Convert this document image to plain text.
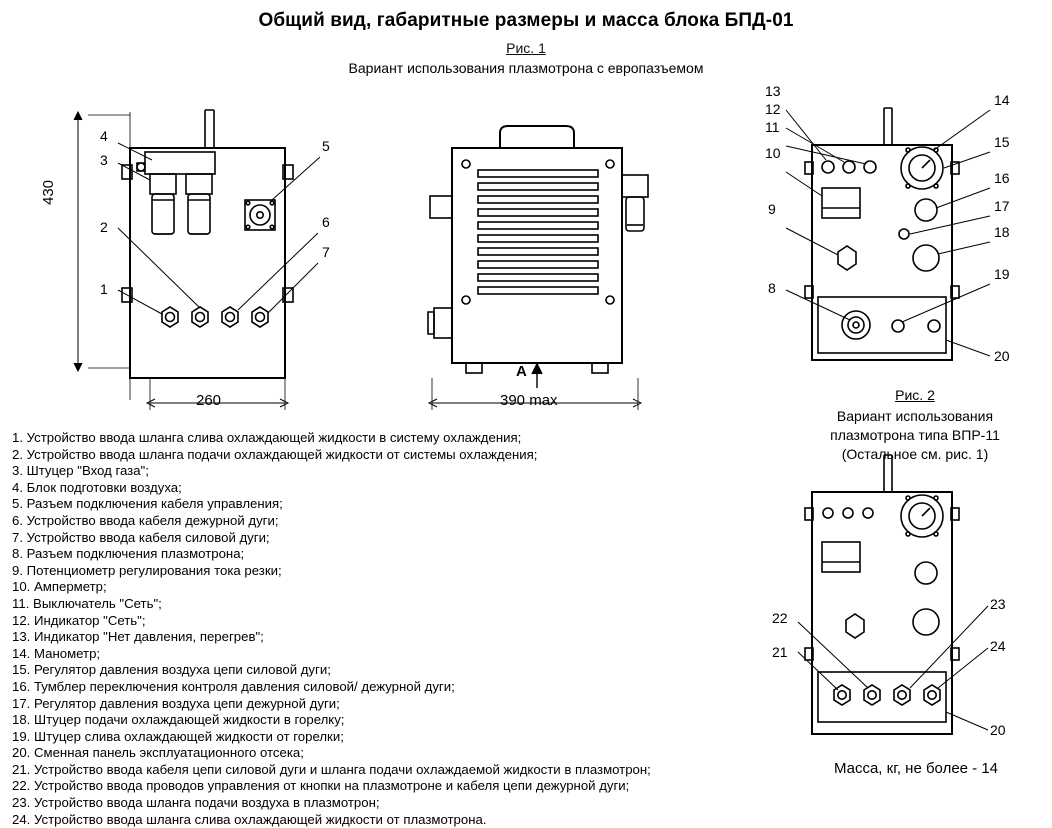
Общий вид, габаритные размеры и масса блока БПД-01
Рис. 1
Вариант использования плазмотрона с европазъемом
430
260	390 max
A
1
2
3
4
5
6
7
13
12
11
10
9
8
14
15
16
17
18
19
20
Рис. 2
Вариант использования
плазмотрона типа ВПР-11
(Остальное см. рис. 1)
22
21
23
24
20
Масса, кг, не более - 14
1. Устройство ввода шланга слива охлаждающей жидкости в систему охлаждения;
2. Устройство ввода шланга подачи охлаждающей жидкости от системы охлаждения;
3. Штуцер "Вход газа";
4. Блок подготовки воздуха;
5. Разъем подключения кабеля управления;
6. Устройство ввода кабеля дежурной дуги;
7. Устройство ввода кабеля силовой дуги;
8. Разъем подключения плазмотрона;
9. Потенциометр регулирования тока резки;
10. Амперметр;
11. Выключатель "Сеть";
12. Индикатор "Сеть";
13. Индикатор "Нет давления, перегрев";
14. Манометр;
15. Регулятор давления воздуха цепи силовой дуги;
16. Тумблер переключения контроля давления силовой/ дежурной дуги;
17. Регулятор давления воздуха цепи дежурной дуги;
18. Штуцер подачи охлаждающей жидкости в горелку;
19. Штуцер слива охлаждающей жидкости от горелки;
20. Сменная панель эксплуатационного отсека;
21. Устройство ввода кабеля цепи силовой дуги и шланга подачи охлаждаемой жидкости в плазмотрон;
22. Устройство ввода проводов управления от кнопки на плазмотроне и кабеля цепи дежурной дуги;
23. Устройство ввода шланга подачи воздуха в плазмотрон;
24. Устройство ввода шланга слива охлаждающей жидкости от плазмотрона.
